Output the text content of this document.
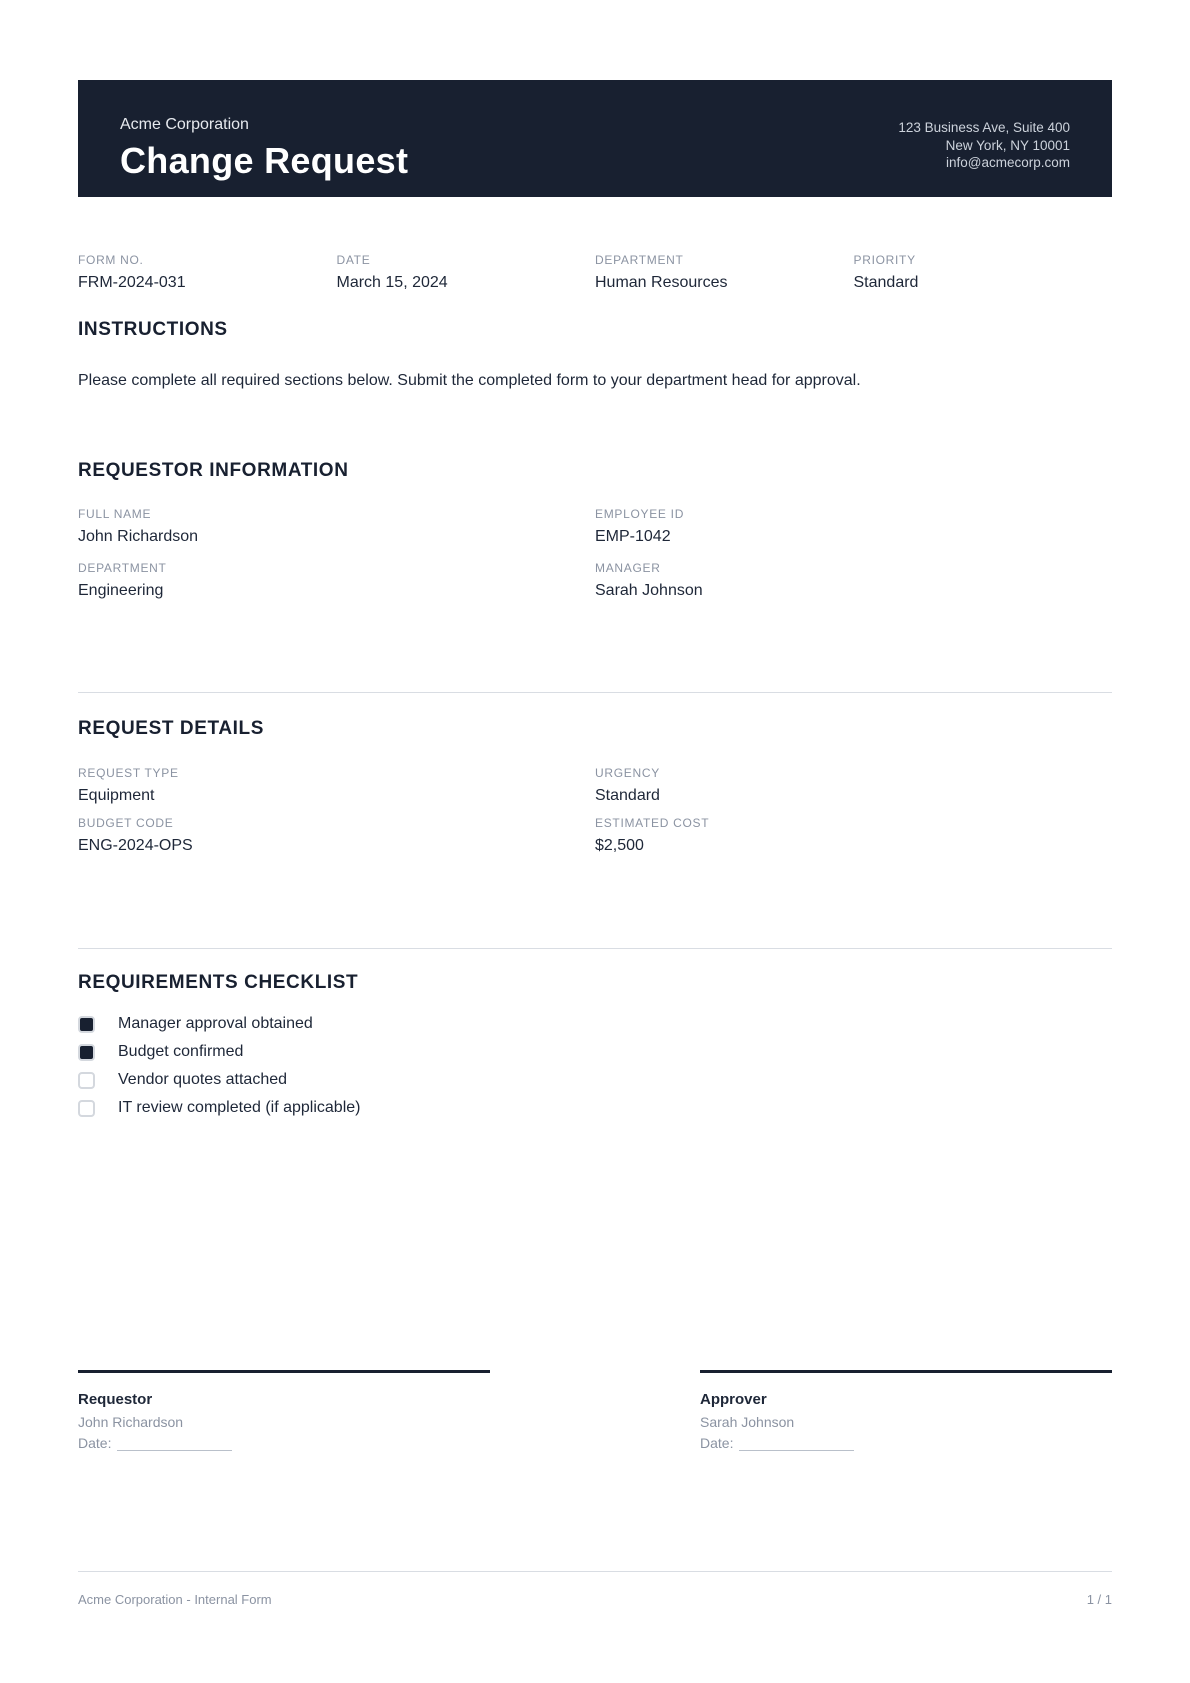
Acme Corporation
Change Request
123 Business Ave, Suite 400
New York, NY 10001
info@acmecorp.com
FORM NO.
FRM-2024-031
DATE
March 15, 2024
DEPARTMENT
Human Resources
PRIORITY
Standard
INSTRUCTIONS
Please complete all required sections below. Submit the completed form to your department head for approval.
REQUESTOR INFORMATION
FULL NAME
John Richardson
EMPLOYEE ID
EMP-1042
DEPARTMENT
Engineering
MANAGER
Sarah Johnson
REQUEST DETAILS
REQUEST TYPE
Equipment
URGENCY
Standard
BUDGET CODE
ENG-2024-OPS
ESTIMATED COST
$2,500
REQUIREMENTS CHECKLIST
Manager approval obtained
Budget confirmed
Vendor quotes attached
IT review completed (if applicable)
Requestor
John Richardson
Date:
Approver
Sarah Johnson
Date:
Acme Corporation - Internal Form	1 / 1
